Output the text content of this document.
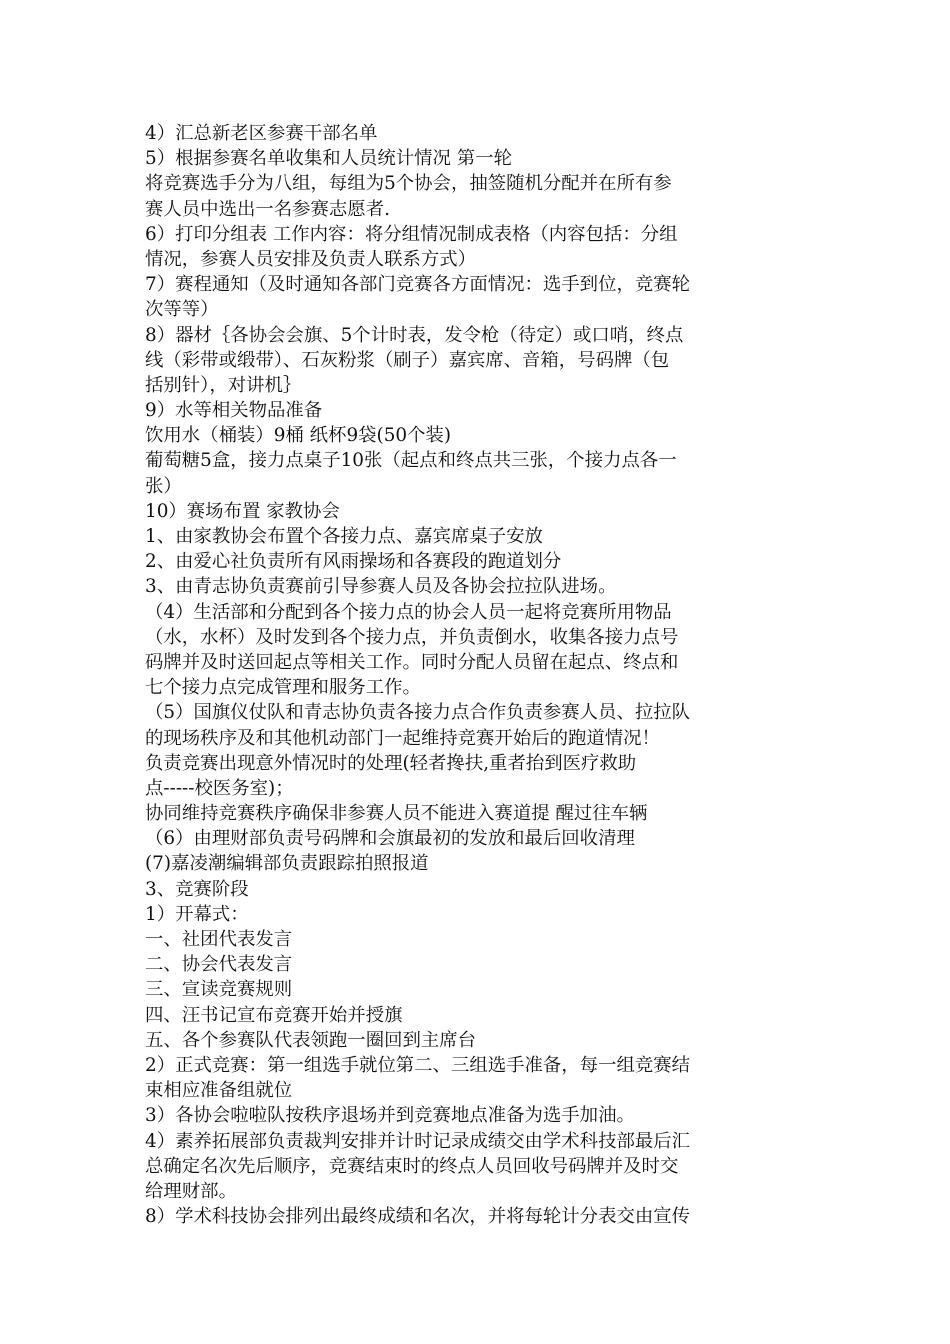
4）汇总新老区参赛干部名单
5）根据参赛名单收集和人员统计情况 第一轮
将竞赛选手分为八组，每组为5个协会，抽签随机分配并在所有参
赛人员中选出一名参赛志愿者.
6）打印分组表 工作内容：将分组情况制成表格（内容包括：分组
情况，参赛人员安排及负责人联系方式）
7）赛程通知（及时通知各部门竞赛各方面情况：选手到位，竞赛轮
次等等）
8）器材｛各协会会旗、5个计时表，发令枪（待定）或口哨，终点
线（彩带或缎带）、石灰粉浆（刷子）嘉宾席、音箱，号码牌（包
括别针），对讲机｝
9）水等相关物品准备
饮用水（桶装）9桶 纸杯9袋(50个装)
葡萄糖5盒，接力点桌子10张（起点和终点共三张，个接力点各一
张）
10）赛场布置 家教协会
1、由家教协会布置个各接力点、嘉宾席桌子安放
2、由爱心社负责所有风雨操场和各赛段的跑道划分
3、由青志协负责赛前引导参赛人员及各协会拉拉队进场。
（4）生活部和分配到各个接力点的协会人员一起将竞赛所用物品
（水，水杯）及时发到各个接力点，并负责倒水，收集各接力点号
码牌并及时送回起点等相关工作。同时分配人员留在起点、终点和
七个接力点完成管理和服务工作。
（5）国旗仪仗队和青志协负责各接力点合作负责参赛人员、拉拉队
的现场秩序及和其他机动部门一起维持竞赛开始后的跑道情况！
负责竞赛出现意外情况时的处理(轻者搀扶,重者抬到医疗救助
点-----校医务室)；
协同维持竞赛秩序确保非参赛人员不能进入赛道提 醒过往车辆
（6）由理财部负责号码牌和会旗最初的发放和最后回收清理
(7)嘉凌潮编辑部负责跟踪拍照报道
3、竞赛阶段
1）开幕式：
一、社团代表发言
二、协会代表发言
三、宣读竞赛规则
四、汪书记宣布竞赛开始并授旗
五、各个参赛队代表领跑一圈回到主席台
2）正式竞赛：第一组选手就位第二、三组选手准备，每一组竞赛结
束相应准备组就位
3）各协会啦啦队按秩序退场并到竞赛地点准备为选手加油。
4）素养拓展部负责裁判安排并计时记录成绩交由学术科技部最后汇
总确定名次先后顺序，竞赛结束时的终点人员回收号码牌并及时交
给理财部。
8）学术科技协会排列出最终成绩和名次，并将每轮计分表交由宣传
